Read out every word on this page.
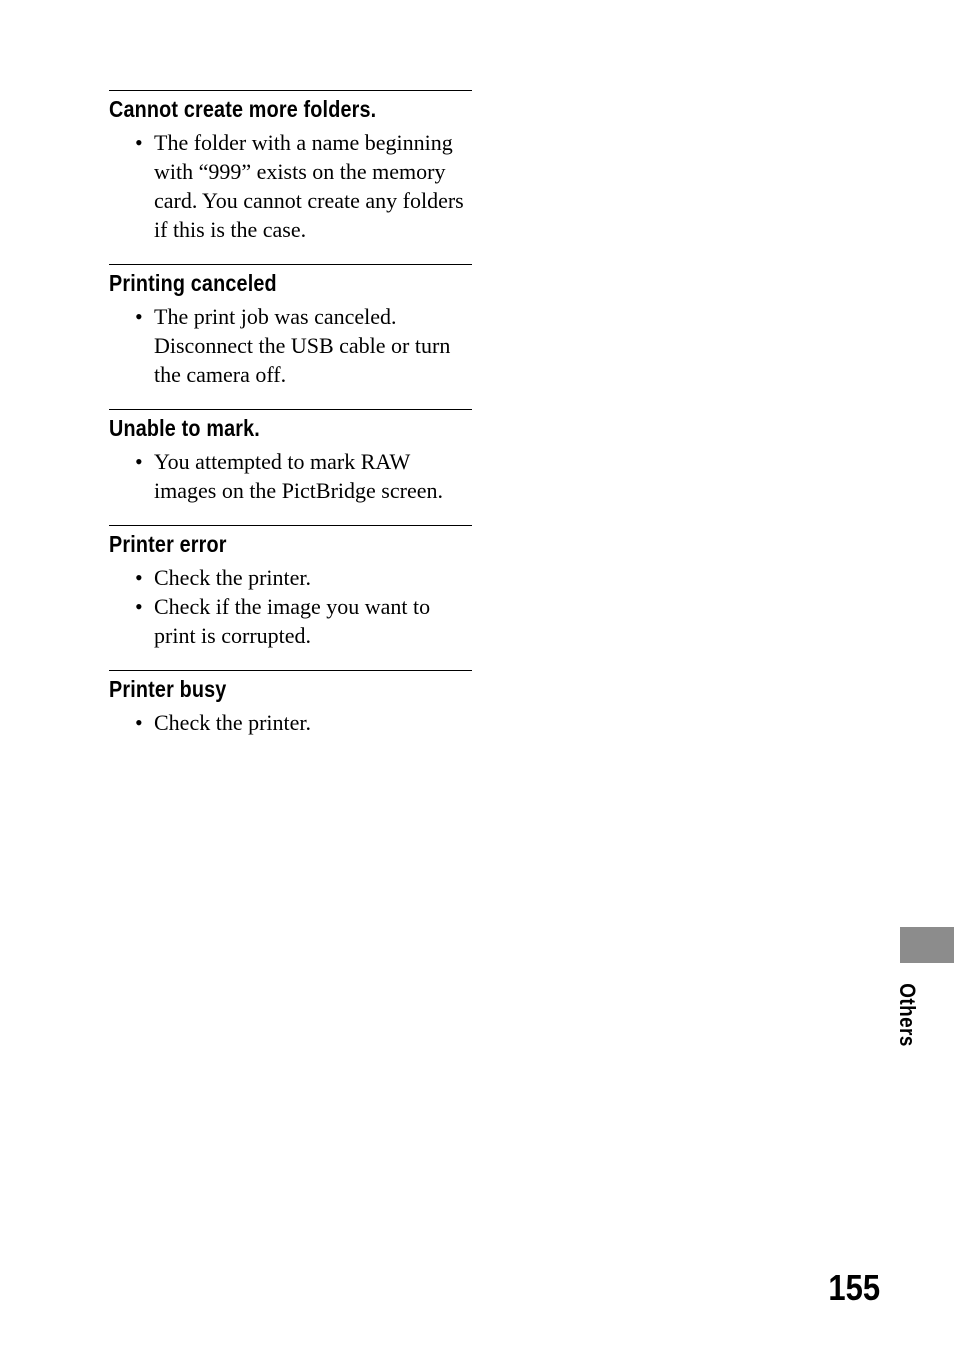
Cannot create more folders.
• The folder with a name beginning with “999” exists on the memory card. You cannot create any folders if this is the case.
Printing canceled
• The print job was canceled. Disconnect the USB cable or turn the camera off.
Unable to mark.
• You attempted to mark RAW images on the PictBridge screen.
Printer error
• Check the printer.
• Check if the image you want to print is corrupted.
Printer busy
• Check the printer.
Others
155
